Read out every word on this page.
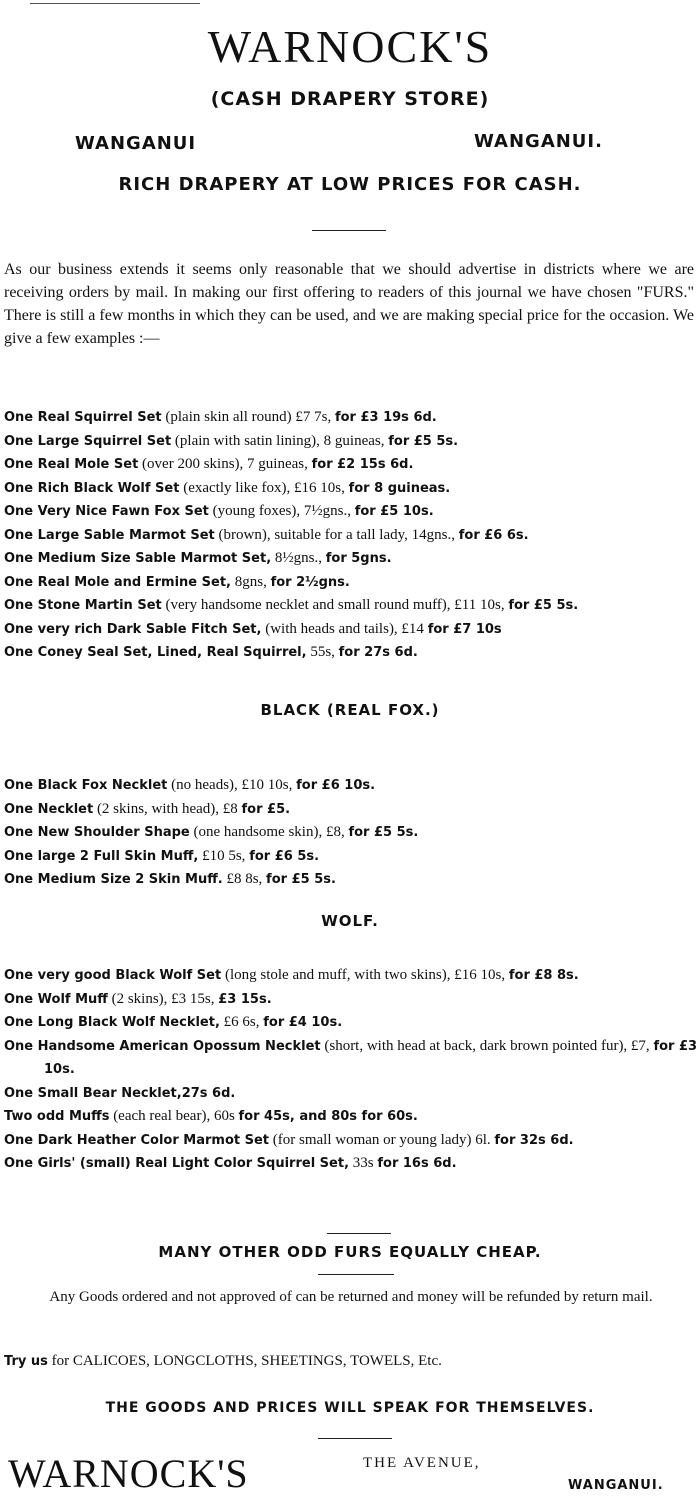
WARNOCK'S
(CASH DRAPERY STORE)
WANGANUI	WANGANUI.
RICH DRAPERY AT LOW PRICES FOR CASH.
As our business extends it seems only reasonable that we should advertise in districts where we are receiving orders by mail. In making our first offering to readers of this journal we have chosen "FURS." There is still a few months in which they can be used, and we are making special price for the occasion. We give a few examples :—
One Real Squirrel Set (plain skin all round) £7 7s, for £3 19s 6d.
One Large Squirrel Set (plain with satin lining), 8 guineas, for £5 5s.
One Real Mole Set (over 200 skins), 7 guineas, for £2 15s 6d.
One Rich Black Wolf Set (exactly like fox), £16 10s, for 8 guineas.
One Very Nice Fawn Fox Set (young foxes), 7½gns., for £5 10s.
One Large Sable Marmot Set (brown), suitable for a tall lady, 14gns., for £6 6s.
One Medium Size Sable Marmot Set, 8½gns., for 5gns.
One Real Mole and Ermine Set, 8gns, for 2½gns.
One Stone Martin Set (very handsome necklet and small round muff), £11 10s, for £5 5s.
One very rich Dark Sable Fitch Set, (with heads and tails), £14 for £7 10s
One Coney Seal Set, Lined, Real Squirrel, 55s, for 27s 6d.
BLACK (REAL FOX.)
One Black Fox Necklet (no heads), £10 10s, for £6 10s.
One Necklet (2 skins, with head), £8 for £5.
One New Shoulder Shape (one handsome skin), £8, for £5 5s.
One large 2 Full Skin Muff, £10 5s, for £6 5s.
One Medium Size 2 Skin Muff. £8 8s, for £5 5s.
WOLF.
One very good Black Wolf Set (long stole and muff, with two skins), £16 10s, for £8 8s.
One Wolf Muff (2 skins), £3 15s, £3 15s.
One Long Black Wolf Necklet, £6 6s, for £4 10s.
One Handsome American Opossum Necklet (short, with head at back, dark brown pointed fur), £7, for £3 10s.
One Small Bear Necklet,27s 6d.
Two odd Muffs (each real bear), 60s for 45s, and 80s for 60s.
One Dark Heather Color Marmot Set (for small woman or young lady) 6l. for 32s 6d.
One Girls' (small) Real Light Color Squirrel Set, 33s for 16s 6d.
MANY OTHER ODD FURS EQUALLY CHEAP.
Any Goods ordered and not approved of can be returned and money will be refunded by return mail.
Try us for CALICOES, LONGCLOTHS, SHEETINGS, TOWELS, Etc.
THE GOODS AND PRICES WILL SPEAK FOR THEMSELVES.
WARNOCK'S	THE AVENUE,
WANGANUI.
